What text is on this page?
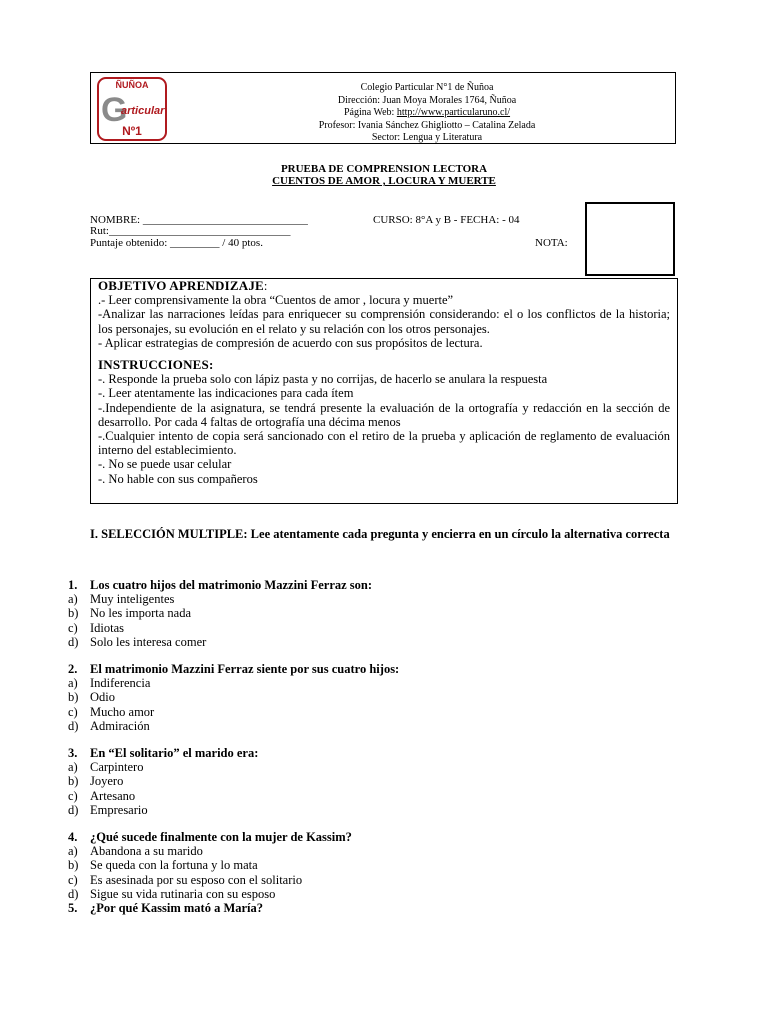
ÑUÑOA
G
articular
Nº1
Colegio Particular N°1 de Ñuñoa
Dirección: Juan Moya Morales 1764, Ñuñoa
Página Web: http://www.particularuno.cl/
Profesor: Ivania Sánchez Ghigliotto – Catalina Zelada
Sector: Lengua y Literatura
PRUEBA DE COMPRENSION LECTORA
CUENTOS DE AMOR , LOCURA Y MUERTE
NOMBRE: ______________________________	CURSO: 8°A y B - FECHA: - 04
Rut:_________________________________
Puntaje obtenido: _________ / 40 ptos.	NOTA:

OBJETIVO APRENDIZAJE:

.- Leer comprensivamente la obra “Cuentos de amor , locura y muerte”

-Analizar las narraciones leídas para enriquecer su comprensión considerando: el o los conflictos de la historia; los personajes, su evolución en el relato y su relación con los otros personajes.

- Aplicar estrategias de compresión de acuerdo con sus propósitos de lectura.

INSTRUCCIONES:

-. Responde la prueba solo con lápiz pasta y no corrijas, de hacerlo se anulara la respuesta

-. Leer atentamente las indicaciones para cada ítem

-.Independiente de la asignatura, se tendrá presente la evaluación de la ortografía y redacción en la sección de desarrollo. Por cada 4 faltas de ortografía una décima menos

-.Cualquier intento de copia será sancionado con el retiro de la prueba y aplicación de reglamento de evaluación interno del establecimiento.

-. No se puede usar celular

-. No hable con sus compañeros

I. SELECCIÓN MULTIPLE: Lee atentamente cada pregunta y encierra en un círculo la alternativa correcta
1. Los cuatro hijos del matrimonio Mazzini Ferraz son:
a) Muy inteligentes
b) No les importa nada
c) Idiotas
d) Solo les interesa comer
2. El matrimonio Mazzini Ferraz siente por sus cuatro hijos:
a) Indiferencia
b) Odio
c) Mucho amor
d) Admiración
3. En “El solitario” el marido era:
a) Carpintero
b) Joyero
c) Artesano
d) Empresario
4. ¿Qué sucede finalmente con la mujer de Kassim?
a) Abandona a su marido
b) Se queda con la fortuna y lo mata
c) Es asesinada por su esposo con el solitario
d) Sigue su vida rutinaria con su esposo
5. ¿Por qué Kassim mató a María?
